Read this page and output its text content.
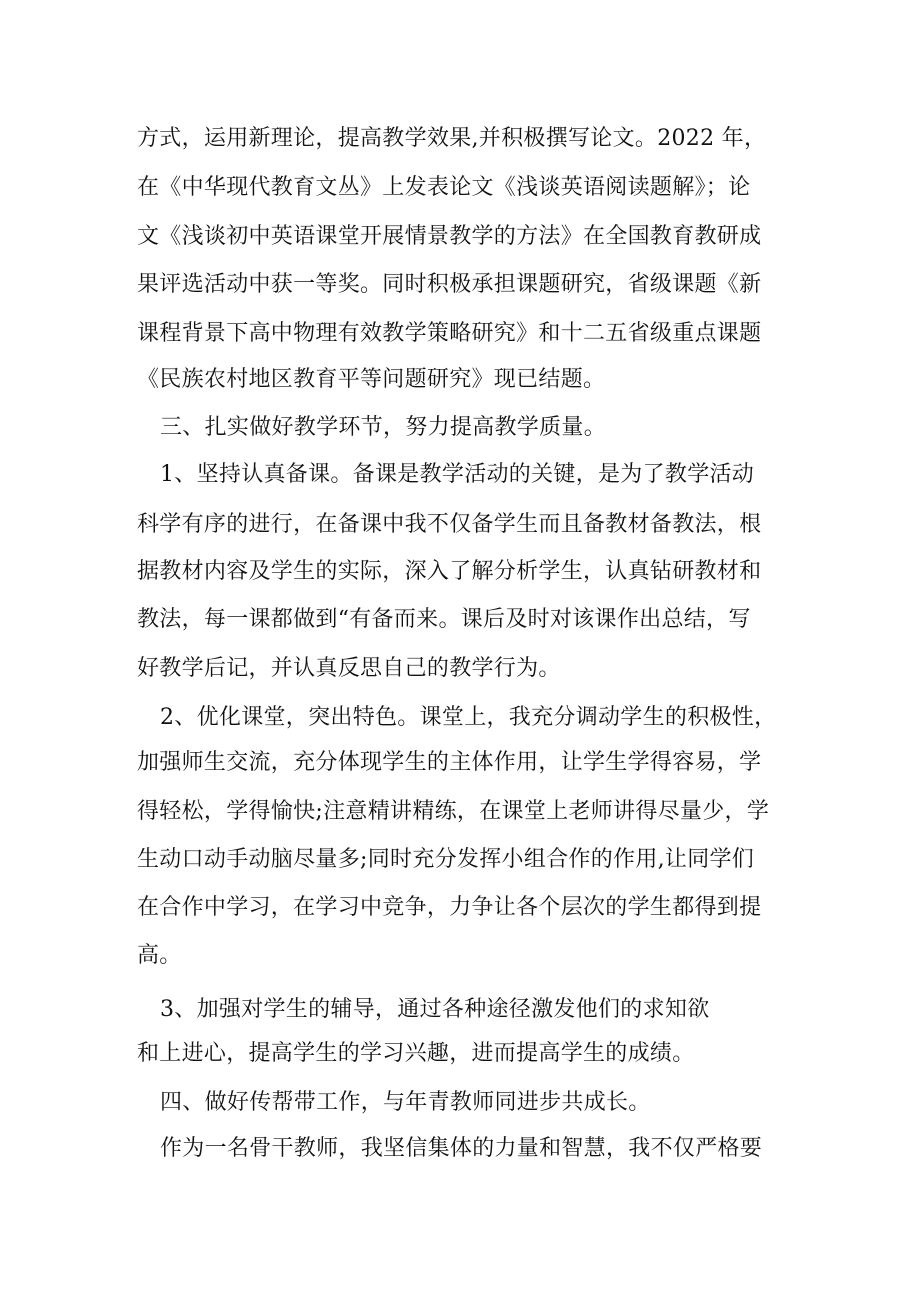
方式，运用新理论，提高教学效果,并积极撰写论文。2022 年，
在《中华现代教育文丛》上发表论文《浅谈英语阅读题解》；论
文《浅谈初中英语课堂开展情景教学的方法》在全国教育教研成
果评选活动中获一等奖。同时积极承担课题研究，省级课题《新
课程背景下高中物理有效教学策略研究》和十二五省级重点课题
《民族农村地区教育平等问题研究》现已结题。
三、扎实做好教学环节，努力提高教学质量。
1、坚持认真备课。备课是教学活动的关键，是为了教学活动
科学有序的进行，在备课中我不仅备学生而且备教材备教法，根
据教材内容及学生的实际，深入了解分析学生，认真钻研教材和
教法，每一课都做到“有备而来。课后及时对该课作出总结，写
好教学后记，并认真反思自己的教学行为。
2、优化课堂，突出特色。课堂上，我充分调动学生的积极性，
加强师生交流，充分体现学生的主体作用，让学生学得容易，学
得轻松，学得愉快;注意精讲精练，在课堂上老师讲得尽量少，学
生动口动手动脑尽量多;同时充分发挥小组合作的作用,让同学们
在合作中学习，在学习中竞争，力争让各个层次的学生都得到提
高。
3、加强对学生的辅导，通过各种途径激发他们的求知欲
和上进心，提高学生的学习兴趣，进而提高学生的成绩。
四、做好传帮带工作，与年青教师同进步共成长。
作为一名骨干教师，我坚信集体的力量和智慧，我不仅严格要
